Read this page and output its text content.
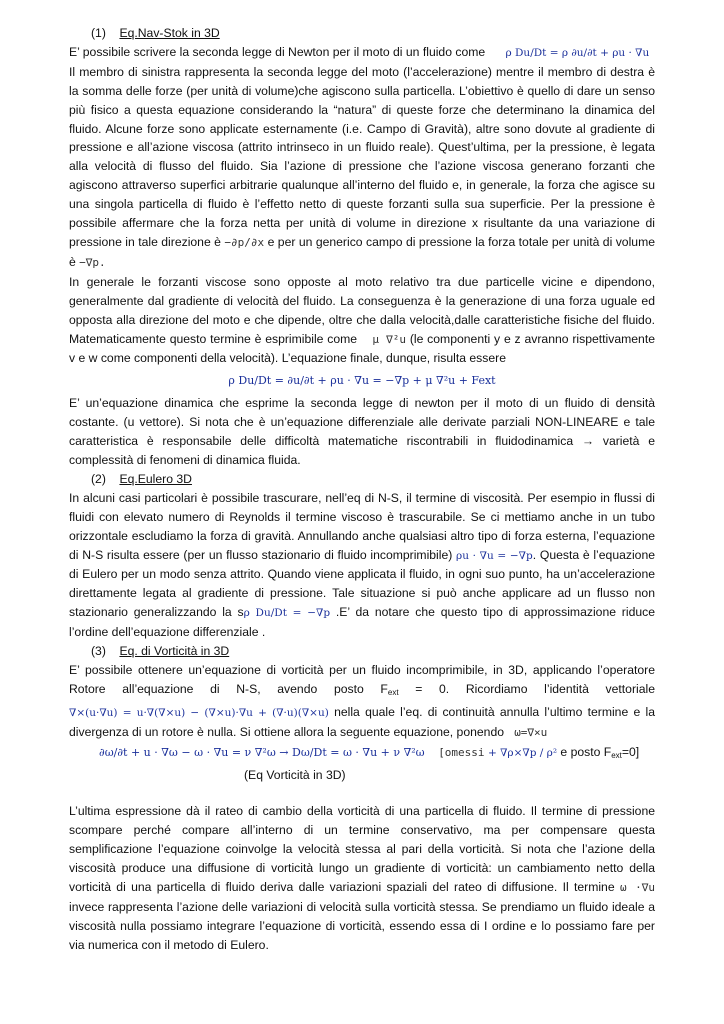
(1) Eq.Nav-Stok in 3D

E’ possibile scrivere la seconda legge di Newton per il moto di un fluido come ρ Du/Dt = ρ ∂u/∂t + ρu · ∇u

Il membro di sinistra rappresenta la seconda legge del moto (l’accelerazione) mentre il membro di destra è la somma delle forze (per unità di volume)che agiscono sulla particella. L’obiettivo è quello di dare un senso più fisico a questa equazione considerando la “natura” di queste forze che determinano la dinamica del fluido. Alcune forze sono applicate esternamente (i.e. Campo di Gravità), altre sono dovute al gradiente di pressione e all’azione viscosa (attrito intrinseco in un fluido reale). Quest’ultima, per la pressione, è legata alla velocità di flusso del fluido. Sia l’azione di pressione che l’azione viscosa generano forzanti che agiscono attraverso superfici arbitrarie qualunque all’interno del fluido e, in generale, la forza che agisce su una singola particella di fluido è l’effetto netto di queste forzanti sulla sua superficie. Per la pressione è possibile affermare che la forza netta per unità di volume in direzione x risultante da una variazione di pressione in tale direzione è −∂p/∂x e per un generico campo di pressione la forza totale per unità di volume è −∇p.

In generale le forzanti viscose sono opposte al moto relativo tra due particelle vicine e dipendono, generalmente dal gradiente di velocità del fluido. La conseguenza è la generazione di una forza uguale ed opposta alla direzione del moto e che dipende, oltre che dalla velocità,dalle caratteristiche fisiche del fluido. Matematicamente questo termine è esprimibile come μ ∇²u (le componenti y e z avranno rispettivamente v e w come componenti della velocità). L’equazione finale, dunque, risulta essere

ρ Du/Dt = ∂u/∂t + ρu · ∇u = −∇p + μ ∇²u + Fext

E’ un’equazione dinamica che esprime la seconda legge di newton per il moto di un fluido di densità costante. (u vettore). Si nota che è un’equazione differenziale alle derivate parziali NON-LINEARE e tale caratteristica è responsabile delle difficoltà matematiche riscontrabili in fluidodinamica → varietà e complessità di fenomeni di dinamica fluida.

(2) Eq.Eulero 3D

In alcuni casi particolari è possibile trascurare, nell’eq di N-S, il termine di viscosità. Per esempio in flussi di fluidi con elevato numero di Reynolds il termine viscoso è trascurabile. Se ci mettiamo anche in un tubo orizzontale escludiamo la forza di gravità. Annullando anche qualsiasi altro tipo di forza esterna, l’equazione di N-S risulta essere (per un flusso stazionario di fluido incomprimibile) ρu · ∇u = −∇p. Questa è l’equazione di Eulero per un modo senza attrito. Quando viene applicata il fluido, in ogni suo punto, ha un’accelerazione direttamente legata al gradiente di pressione. Tale situazione si può anche applicare ad un flusso non stazionario generalizzando la sρ Du/Dt = −∇p .E’ da notare che questo tipo di approssimazione riduce l’ordine dell’equazione differenziale .

(3) Eq. di Vorticità in 3D

E’ possibile ottenere un’equazione di vorticità per un fluido incomprimibile, in 3D, applicando l’operatore Rotore all’equazione di N-S, avendo posto $F_{ext} = 0$. Ricordiamo l’identità vettoriale ∇×(u·∇u) = u·∇(∇×u) − (∇×u)·∇u + (∇·u)(∇×u) nella quale l’eq. di continuità annulla l’ultimo termine e la divergenza di un rotore è nulla. Si ottiene allora la seguente equazione, ponendo ω=∇×u

∂ω/∂t + u · ∇ω − ω · ∇u = ν ∇²ω → Dω/Dt = ω · ∇u + ν ∇²ω [omessi + ∇ρ×∇p / ρ² e posto $F_{ext}=0$]

(Eq Vorticità in 3D)

L’ultima espressione dà il rateo di cambio della vorticità di una particella di fluido. Il termine di pressione scompare perché compare all’interno di un termine conservativo, ma per compensare questa semplificazione l’equazione coinvolge la velocità stessa al pari della vorticità. Si nota che l’azione della viscosità produce una diffusione di vorticità lungo un gradiente di vorticità: un cambiamento netto della vorticità di una particella di fluido deriva dalle variazioni spaziali del rateo di diffusione. Il termine ω ·∇u invece rappresenta l’azione delle variazioni di velocità sulla vorticità stessa. Se prendiamo un fluido ideale a viscosità nulla possiamo integrare l’equazione di vorticità, essendo essa di I ordine e lo possiamo fare per via numerica con il metodo di Eulero.
